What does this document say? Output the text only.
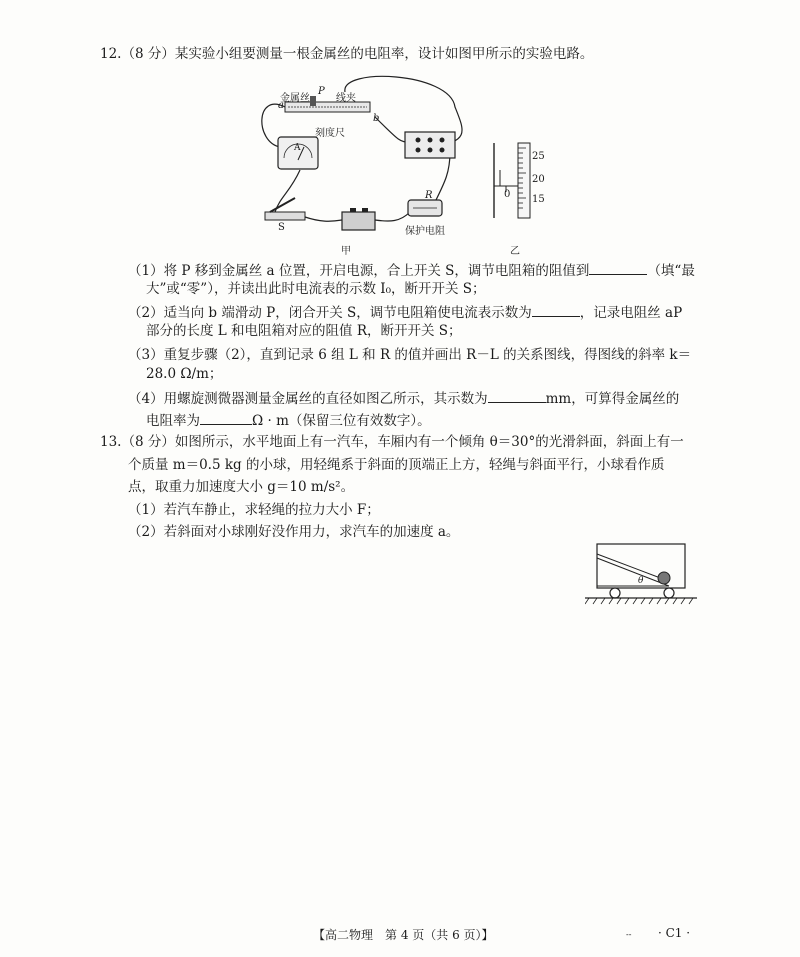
12.（8 分）某实验小组要测量一根金属丝的电阻率，设计如图甲所示的实验电路。
金属丝
P
线夹
a
b
刻度尺
A
S
R
保护电阻
甲
25
20
15
0
乙
（1）将 P 移到金属丝 a 位置，开启电源，合上开关 S，调节电阻箱的阻值到	（填“最
大”或“零”），并读出此时电流表的示数 I₀，断开开关 S；
（2）适当向 b 端滑动 P，闭合开关 S，调节电阻箱使电流表示数为	，记录电阻丝 aP
部分的长度 L 和电阻箱对应的阻值 R，断开开关 S；
（3）重复步骤（2），直到记录 6 组 L 和 R 的值并画出 R－L 的关系图线，得图线的斜率 k＝
28.0 Ω/m；
（4）用螺旋测微器测量金属丝的直径如图乙所示，其示数为	mm，可算得金属丝的
电阻率为	Ω · m（保留三位有效数字）。
13.（8 分）如图所示，水平地面上有一汽车，车厢内有一个倾角 θ＝30°的光滑斜面，斜面上有一
个质量 m＝0.5 kg 的小球，用轻绳系于斜面的顶端正上方，轻绳与斜面平行，小球看作质
点，取重力加速度大小 g＝10 m/s²。
（1）若汽车静止，求轻绳的拉力大小 F；
（2）若斜面对小球刚好没作用力，求汽车的加速度 a。
θ
【高二物理　第 4 页（共 6 页）】	-- · C1 ·
